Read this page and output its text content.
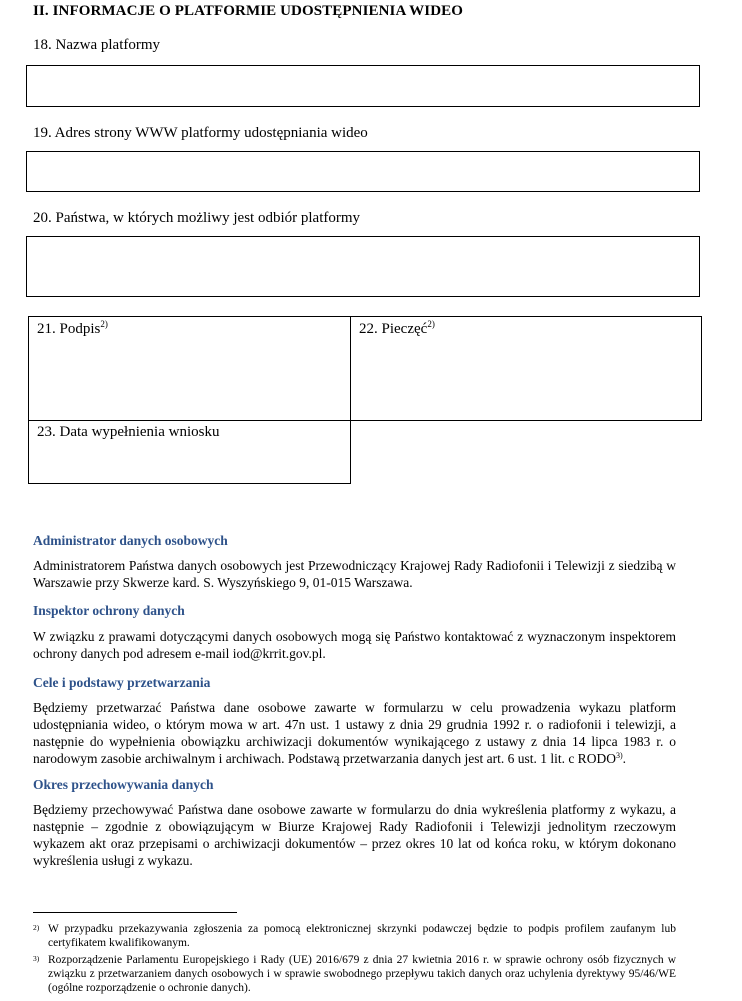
II. INFORMACJE O PLATFORMIE UDOSTĘPNIENIA WIDEO
18. Nazwa platformy
19. Adres strony WWW platformy udostępniania wideo
20. Państwa, w których możliwy jest odbiór platformy
21. Podpis$^{2)}$	22. Pieczęć$^{2)}$
23. Data wypełnienia wniosku
Administrator danych osobowych
Administratorem Państwa danych osobowych jest Przewodniczący Krajowej Rady Radiofonii i Telewizji z siedzibą w Warszawie przy Skwerze kard. S. Wyszyńskiego 9, 01-015 Warszawa.
Inspektor ochrony danych
W związku z prawami dotyczącymi danych osobowych mogą się Państwo kontaktować z wyznaczonym inspektorem ochrony danych pod adresem e-mail iod@krrit.gov.pl.
Cele i podstawy przetwarzania
Będziemy przetwarzać Państwa dane osobowe zawarte w formularzu w celu prowadzenia wykazu platform udostępniania wideo, o którym mowa w art. 47n ust. 1 ustawy z dnia 29 grudnia 1992 r. o radiofonii i telewizji, a następnie do wypełnienia obowiązku archiwizacji dokumentów wynikającego z ustawy z dnia 14 lipca 1983 r. o narodowym zasobie archiwalnym i archiwach. Podstawą przetwarzania danych jest art. 6 ust. 1 lit. c RODO$^{3)}$.
Okres przechowywania danych
Będziemy przechowywać Państwa dane osobowe zawarte w formularzu do dnia wykreślenia platformy z wykazu, a następnie – zgodnie z obowiązującym w Biurze Krajowej Rady Radiofonii i Telewizji jednolitym rzeczowym wykazem akt oraz przepisami o archiwizacji dokumentów – przez okres 10 lat od końca roku, w którym dokonano wykreślenia usługi z wykazu.
2) W przypadku przekazywania zgłoszenia za pomocą elektronicznej skrzynki podawczej będzie to podpis profilem zaufanym lub certyfikatem kwalifikowanym.
3) Rozporządzenie Parlamentu Europejskiego i Rady (UE) 2016/679 z dnia 27 kwietnia 2016 r. w sprawie ochrony osób fizycznych w związku z przetwarzaniem danych osobowych i w sprawie swobodnego przepływu takich danych oraz uchylenia dyrektywy 95/46/WE (ogólne rozporządzenie o ochronie danych).
